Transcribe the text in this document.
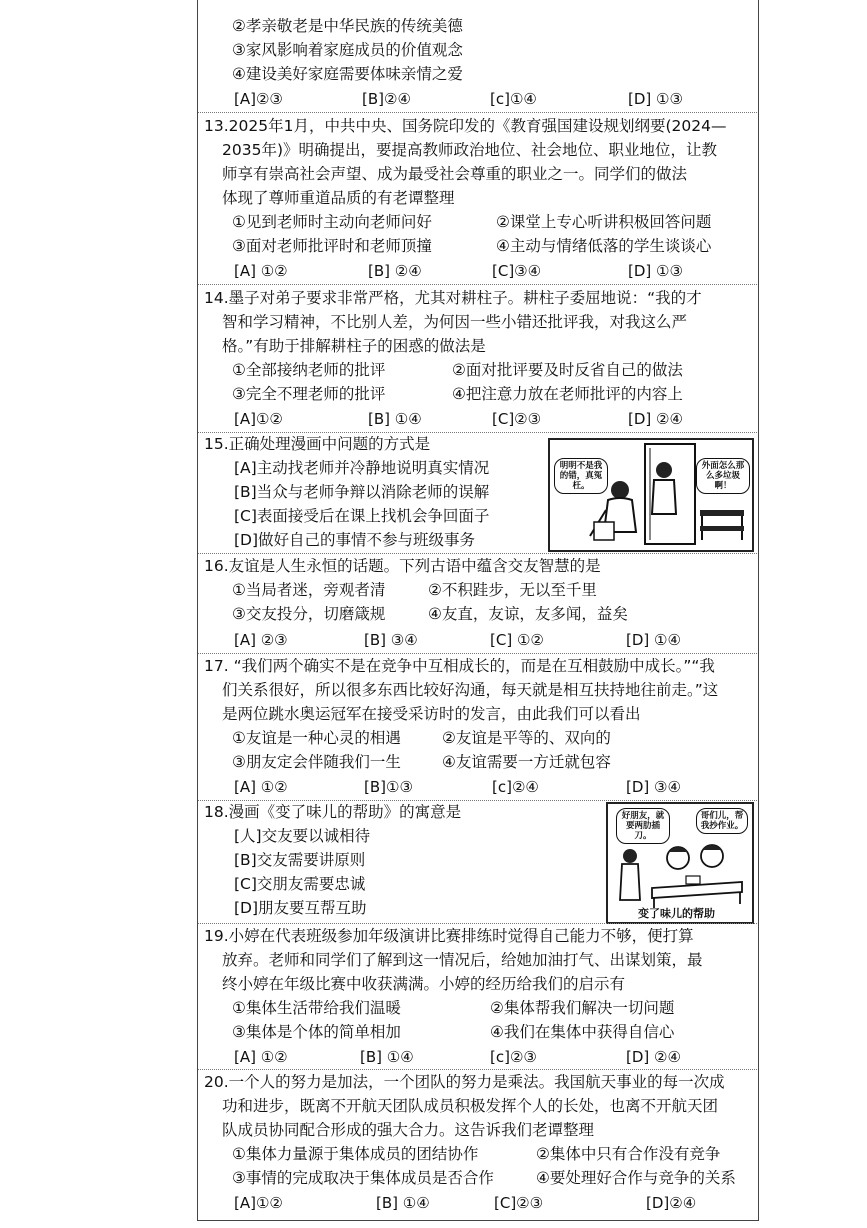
②孝亲敬老是中华民族的传统美德
③家风影响着家庭成员的价值观念
④建设美好家庭需要体味亲情之爱
[A]②③	[B]②④	[c]①④	[D] ①③
13.2025年1月，中共中央、国务院印发的《教育强国建设规划纲要(2024—
2035年)》明确提出，要提高教师政治地位、社会地位、职业地位，让教
师享有崇高社会声望、成为最受社会尊重的职业之一。同学们的做法
体现了尊师重道品质的有老谭整理
①见到老师时主动向老师问好	②课堂上专心听讲积极回答问题
③面对老师批评时和老师顶撞	④主动与情绪低落的学生谈谈心
[A] ①②	[B] ②④	[C]③④	[D] ①③
14.墨子对弟子要求非常严格，尤其对耕柱子。耕柱子委屈地说：“我的才
智和学习精神，不比别人差，为何因一些小错还批评我，对我这么严
格。”有助于排解耕柱子的困惑的做法是
①全部接纳老师的批评	②面对批评要及时反省自己的做法
③完全不理老师的批评	④把注意力放在老师批评的内容上
[A]①②	[B] ①④	[C]②③	[D] ②④
15.正确处理漫画中问题的方式是
[A]主动找老师并冷静地说明真实情况
[B]当众与老师争辩以消除老师的误解
[C]表面接受后在课上找机会争回面子
[D]做好自己的事情不参与班级事务
明明不是我的错，真冤枉。
外面怎么那么多垃圾啊！
16.友谊是人生永恒的话题。下列古语中蕴含交友智慧的是
①当局者迷，旁观者清	②不积跬步，无以至千里
③交友投分，切磨箴规	④友直，友谅，友多闻，益矣
[A] ②③	[B] ③④	[C] ①②	[D] ①④
17. “我们两个确实不是在竞争中互相成长的，而是在互相鼓励中成长。”“我
们关系很好，所以很多东西比较好沟通，每天就是相互扶持地往前走。”这
是两位跳水奥运冠军在接受采访时的发言，由此我们可以看出
①友谊是一种心灵的相遇	②友谊是平等的、双向的
③朋友定会伴随我们一生	④友谊需要一方迁就包容
[A] ①②	[B]①③	[c]②④	[D] ③④
18.漫画《变了味儿的帮助》的寓意是
[人]交友要以诚相待
[B]交友需要讲原则
[C]交朋友需要忠诚
[D]朋友要互帮互助
好朋友，就要两肋插刀。
哥们儿，帮我抄作业。
变了味儿的帮助
19.小婷在代表班级参加年级演讲比赛排练时觉得自己能力不够，便打算
放弃。老师和同学们了解到这一情况后，给她加油打气、出谋划策，最
终小婷在年级比赛中收获满满。小婷的经历给我们的启示有
①集体生活带给我们温暖	②集体帮我们解决一切问题
③集体是个体的简单相加	④我们在集体中获得自信心
[A] ①②	[B] ①④	[c]②③	[D] ②④
20.一个人的努力是加法，一个团队的努力是乘法。我国航天事业的每一次成
功和进步，既离不开航天团队成员积极发挥个人的长处，也离不开航天团
队成员协同配合形成的强大合力。这告诉我们老谭整理
①集体力量源于集体成员的团结协作	②集体中只有合作没有竞争
③事情的完成取决于集体成员是否合作	④要处理好合作与竞争的关系
[A]①②	[B] ①④	[C]②③	[D]②④
